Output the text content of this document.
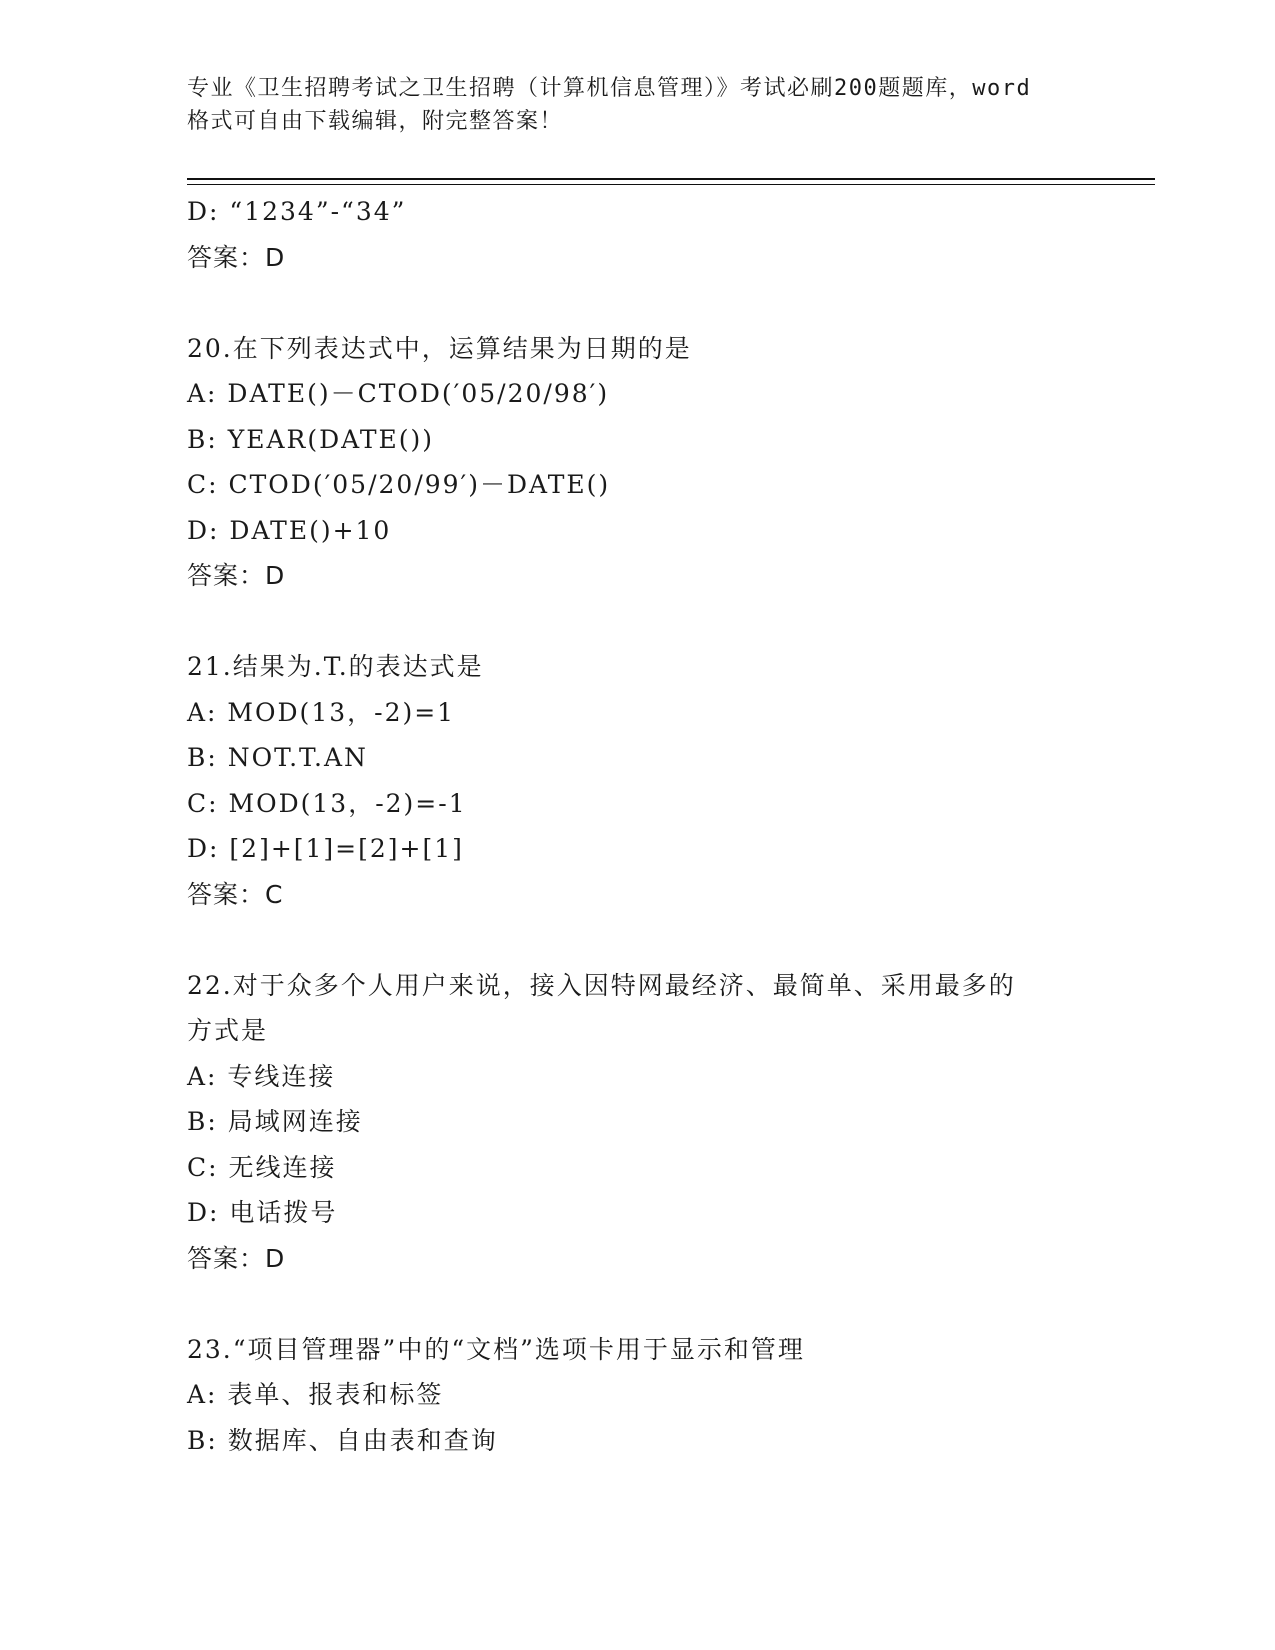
专业《卫生招聘考试之卫生招聘（计算机信息管理）》考试必刷200题题库，word
格式可自由下载编辑，附完整答案！
D: “1234”-“34”
答案：D
20.在下列表达式中，运算结果为日期的是
A: DATE()－CTOD(′05/20/98′)
B: YEAR(DATE())
C: CTOD(′05/20/99′)－DATE()
D: DATE()+10
答案：D
21.结果为.T.的表达式是
A: MOD(13，-2)=1
B: NOT.T.AN
C: MOD(13，-2)=-1
D: [2]+[1]=[2]+[1]
答案：C
22.对于众多个人用户来说，接入因特网最经济、最简单、采用最多的
方式是
A: 专线连接
B: 局域网连接
C: 无线连接
D: 电话拨号
答案：D
23.“项目管理器”中的“文档”选项卡用于显示和管理
A: 表单、报表和标签
B: 数据库、自由表和查询
